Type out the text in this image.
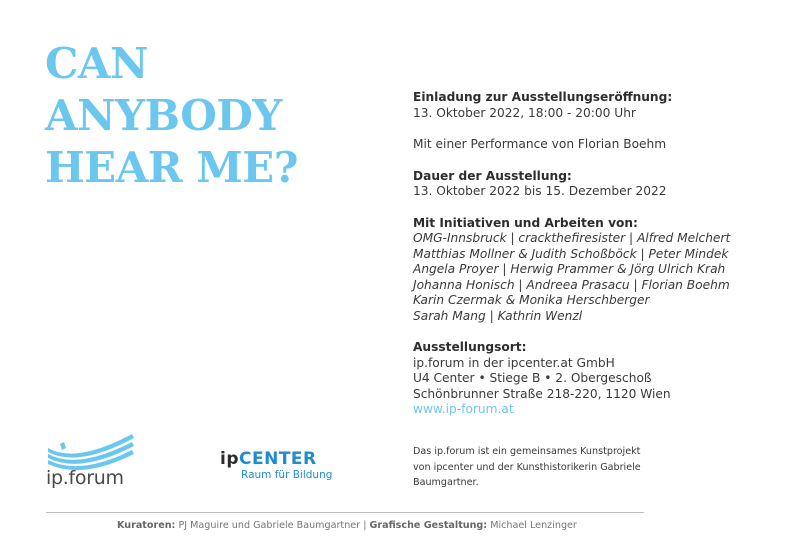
CAN
ANYBODY
HEAR ME?
Einladung zur Ausstellungseröffnung:
13. Oktober 2022, 18:00 - 20:00 Uhr
Mit einer Performance von Florian Boehm
Dauer der Ausstellung:
13. Oktober 2022 bis 15. Dezember 2022
Mit Initiativen und Arbeiten von:
OMG-Innsbruck | crackthefiresister | Alfred Melchert
Matthias Mollner & Judith Schoßböck | Peter Mindek
Angela Proyer | Herwig Prammer & Jörg Ulrich Krah
Johanna Honisch | Andreea Prasacu | Florian Boehm
Karin Czermak & Monika Herschberger
Sarah Mang | Kathrin Wenzl
Ausstellungsort:
ip.forum in der ipcenter.at GmbH
U4 Center • Stiege B • 2. Obergeschoß
Schönbrunner Straße 218-220, 1120 Wien
www.ip-forum.at
ip.forum
ipCENTER
Raum für Bildung
Das ip.forum ist ein gemeinsames Kunstprojekt
von ipcenter und der Kunsthistorikerin Gabriele
Baumgartner.
Kuratoren: PJ Maguire und Gabriele Baumgartner | Grafische Gestaltung: Michael Lenzinger
